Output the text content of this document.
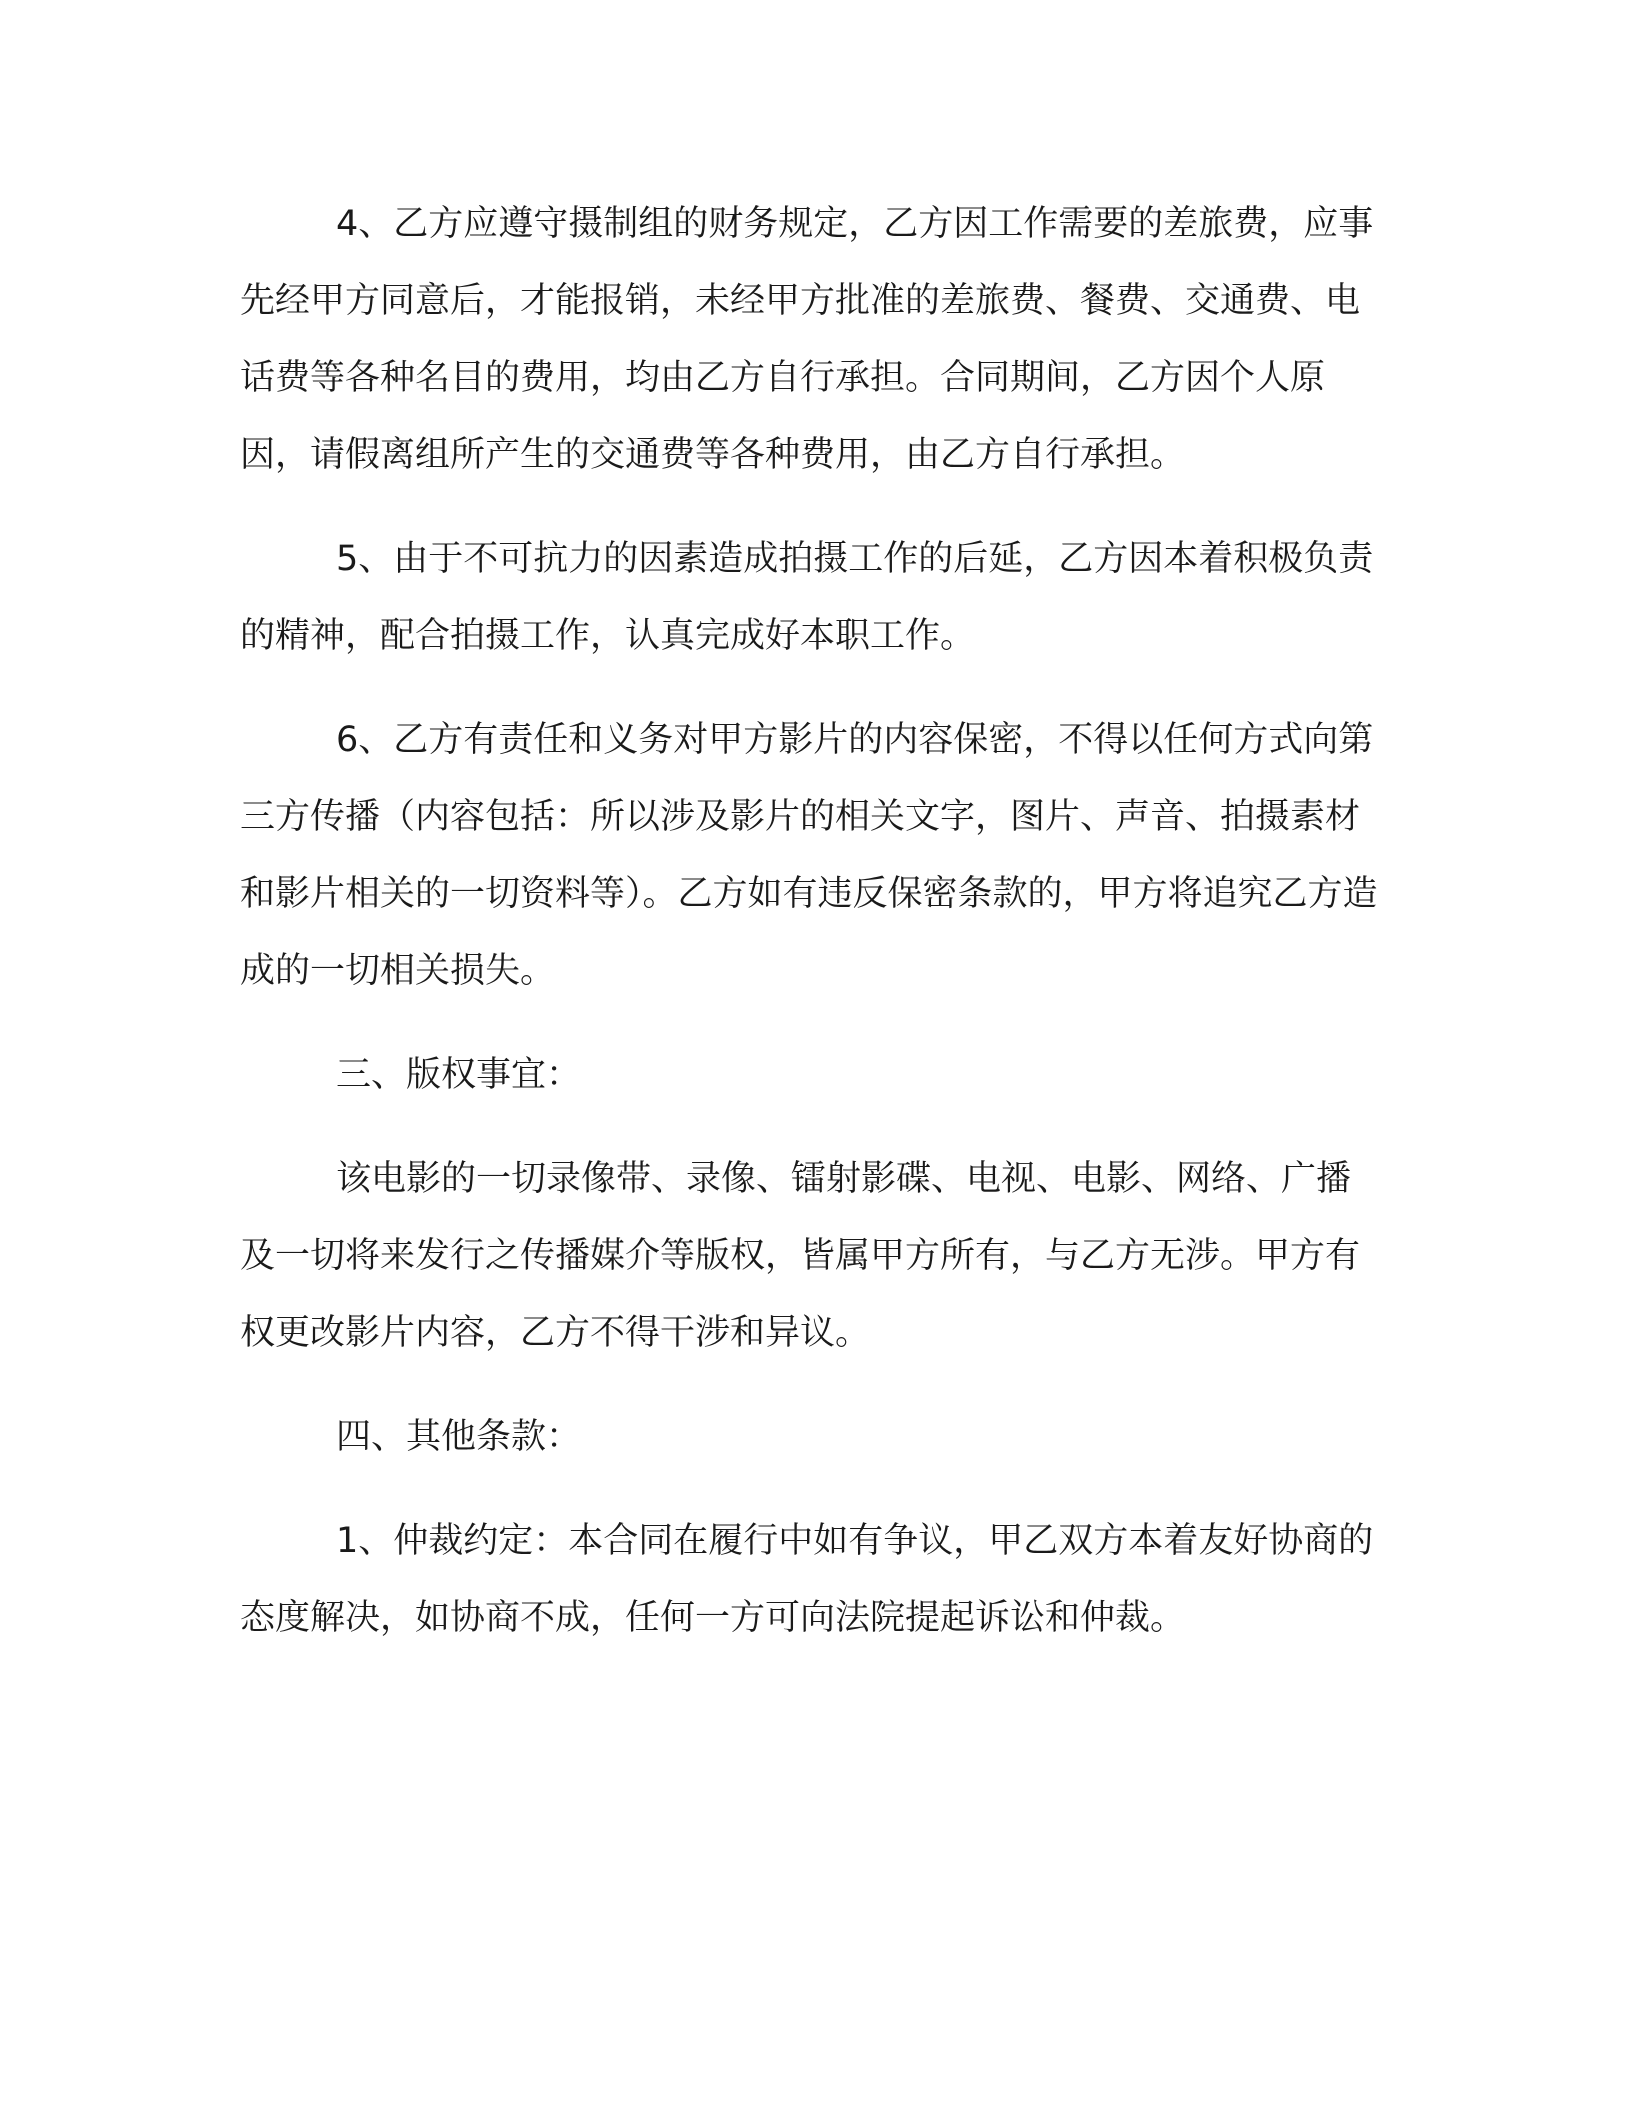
4、乙方应遵守摄制组的财务规定，乙方因工作需要的差旅费，应事先经甲方同意后，才能报销，未经甲方批准的差旅费、餐费、交通费、电话费等各种名目的费用，均由乙方自行承担。合同期间，乙方因个人原因，请假离组所产生的交通费等各种费用，由乙方自行承担。

5、由于不可抗力的因素造成拍摄工作的后延，乙方因本着积极负责的精神，配合拍摄工作，认真完成好本职工作。

6、乙方有责任和义务对甲方影片的内容保密，不得以任何方式向第三方传播（内容包括：所以涉及影片的相关文字，图片、声音、拍摄素材和影片相关的一切资料等）。乙方如有违反保密条款的，甲方将追究乙方造成的一切相关损失。

三、版权事宜：

该电影的一切录像带、录像、镭射影碟、电视、电影、网络、广播及一切将来发行之传播媒介等版权，皆属甲方所有，与乙方无涉。甲方有权更改影片内容，乙方不得干涉和异议。

四、其他条款：

1、仲裁约定：本合同在履行中如有争议，甲乙双方本着友好协商的态度解决，如协商不成，任何一方可向法院提起诉讼和仲裁。
